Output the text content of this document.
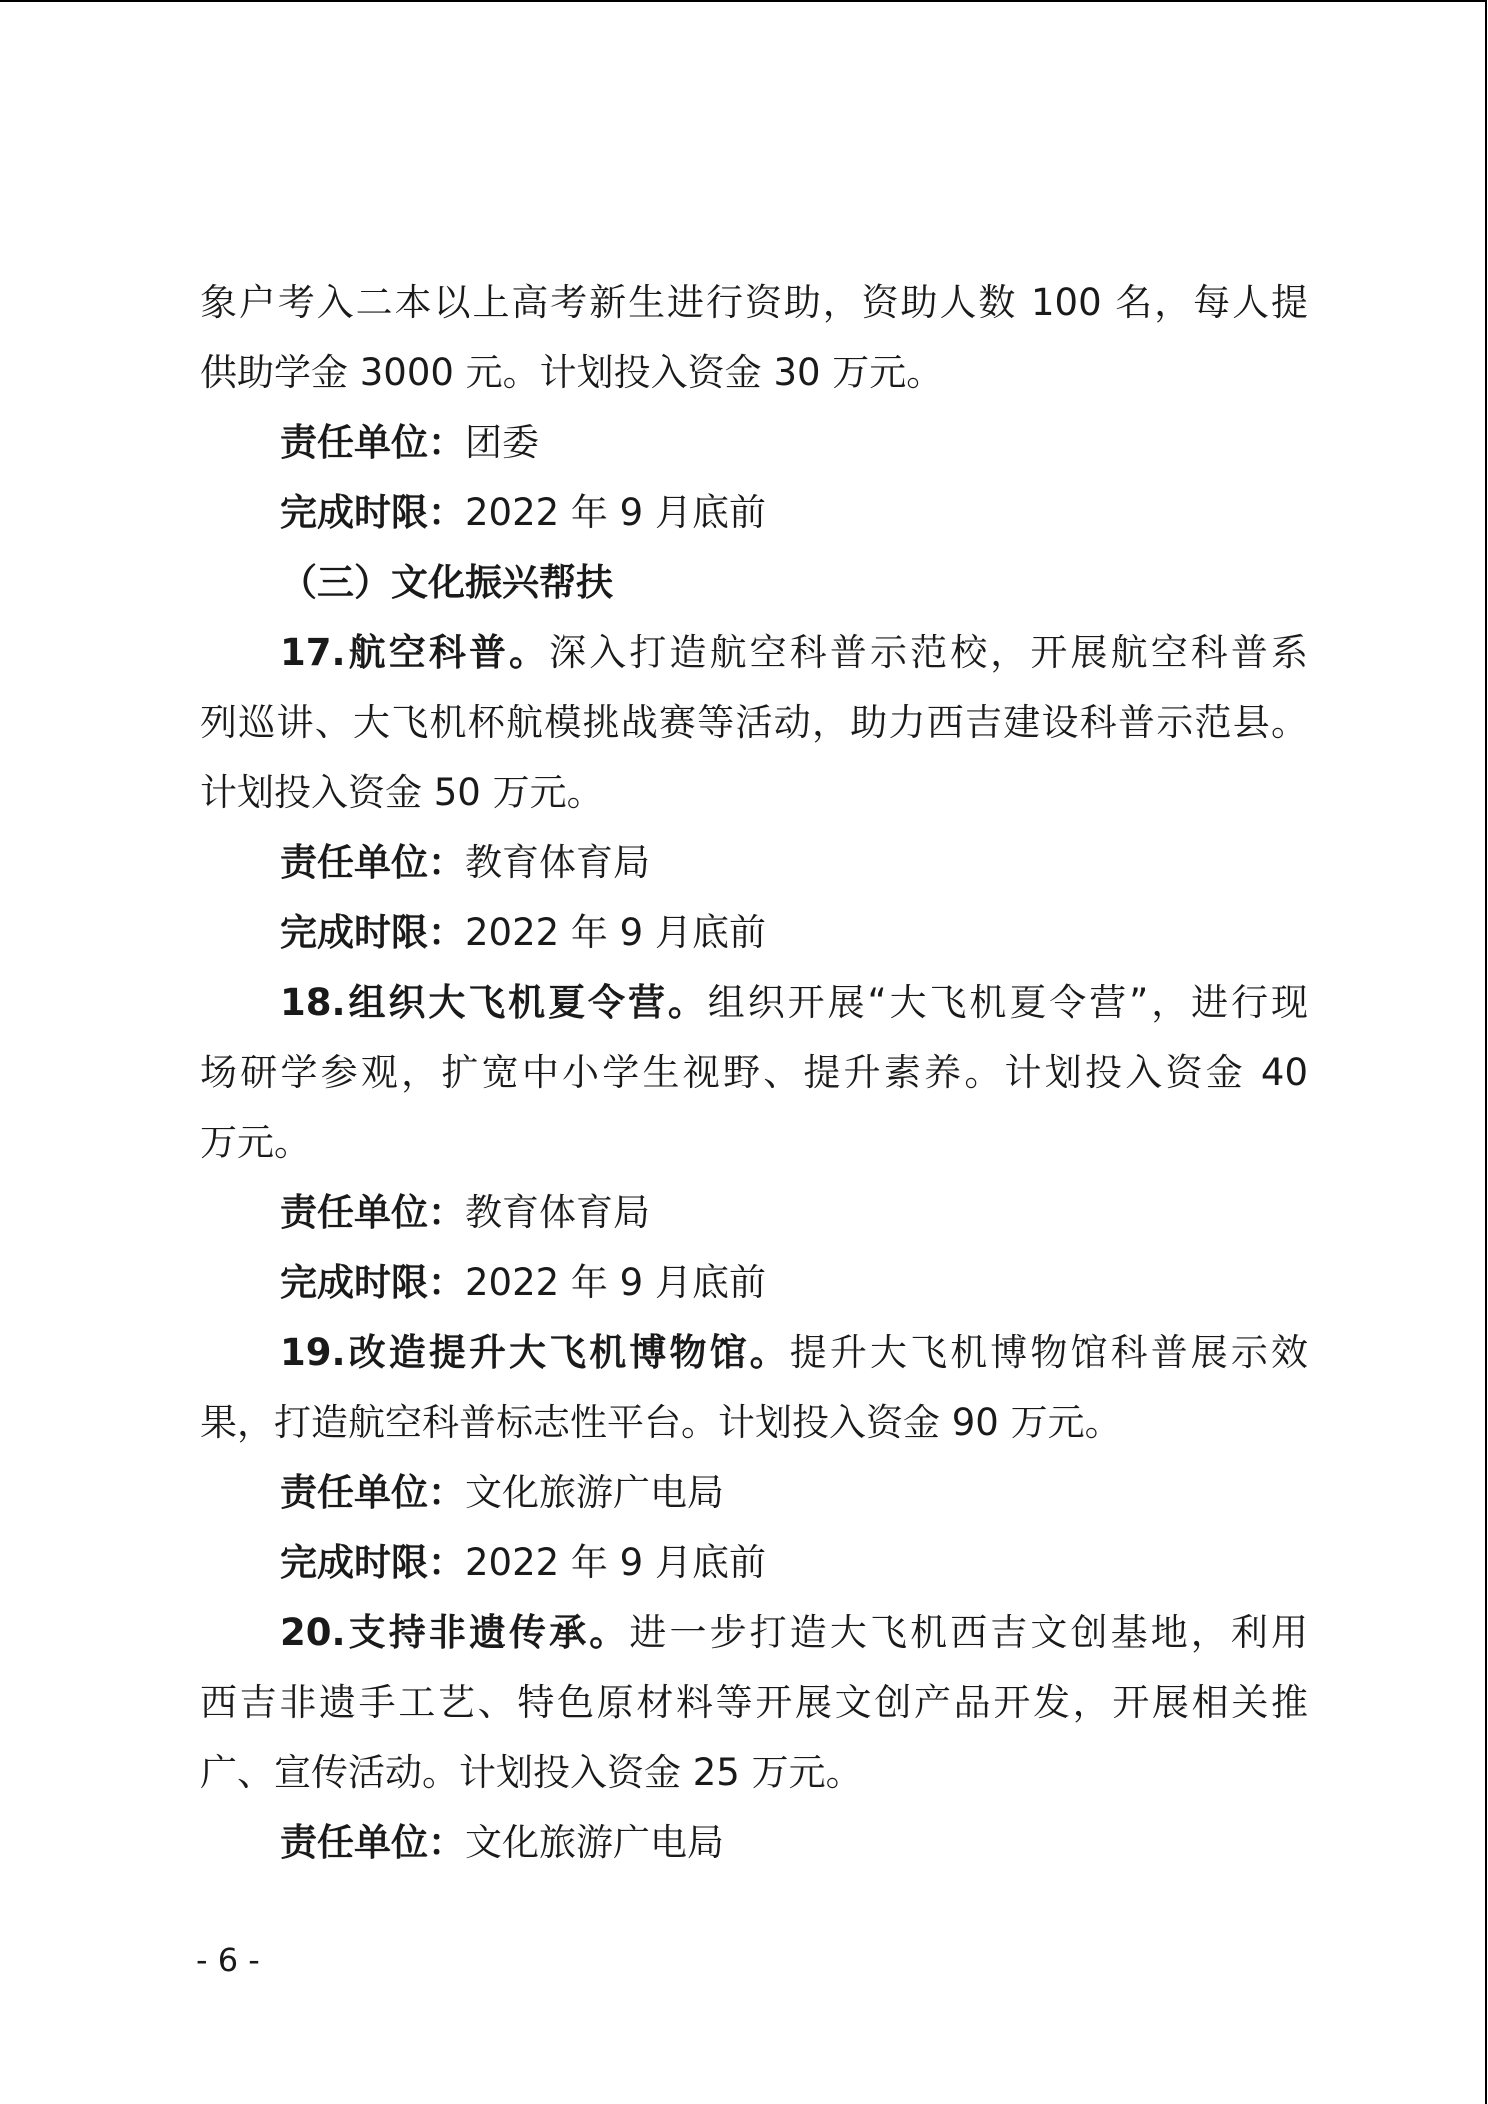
象户考入二本以上高考新生进行资助，资助人数 100 名，每人提
供助学金 3000 元。计划投入资金 30 万元。
责任单位：团委
完成时限：2022 年 9 月底前
（三）文化振兴帮扶
17.航空科普。深入打造航空科普示范校，开展航空科普系
列巡讲、大飞机杯航模挑战赛等活动，助力西吉建设科普示范县。
计划投入资金 50 万元。
责任单位：教育体育局
完成时限：2022 年 9 月底前
18.组织大飞机夏令营。组织开展“大飞机夏令营”，进行现
场研学参观，扩宽中小学生视野、提升素养。计划投入资金 40
万元。
责任单位：教育体育局
完成时限：2022 年 9 月底前
19.改造提升大飞机博物馆。提升大飞机博物馆科普展示效
果，打造航空科普标志性平台。计划投入资金 90 万元。
责任单位：文化旅游广电局
完成时限：2022 年 9 月底前
20.支持非遗传承。进一步打造大飞机西吉文创基地，利用
西吉非遗手工艺、特色原材料等开展文创产品开发，开展相关推
广、宣传活动。计划投入资金 25 万元。
责任单位：文化旅游广电局
- 6 -
